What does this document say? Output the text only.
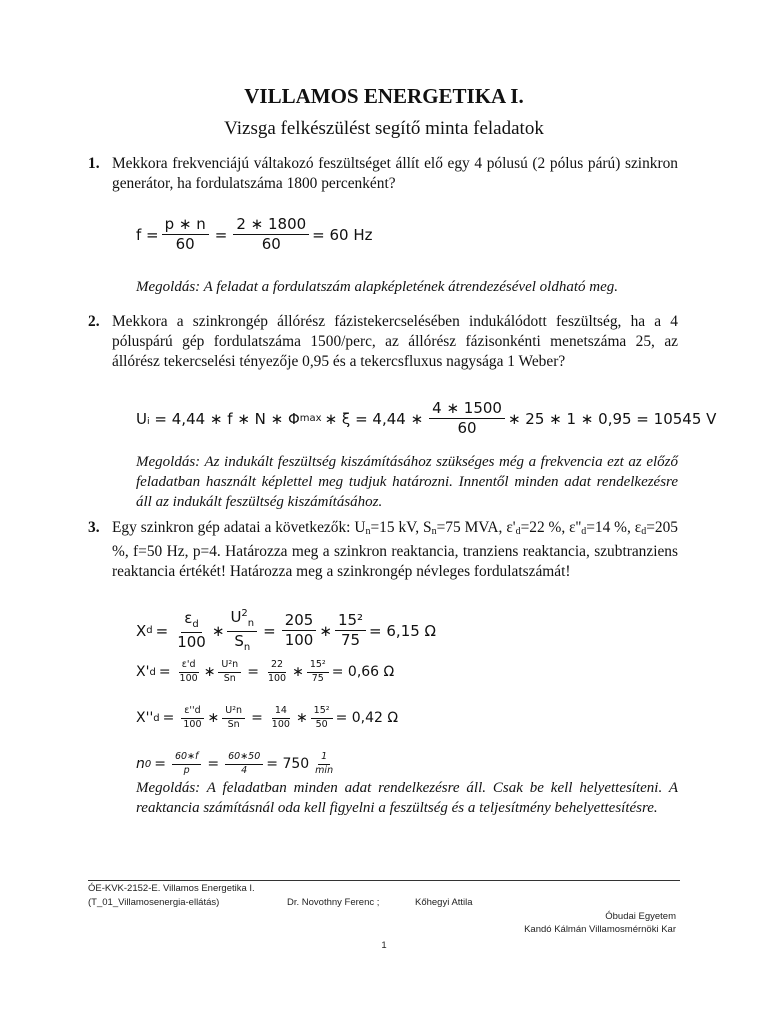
VILLAMOS ENERGETIKA I.
Vizsga felkészülést segítő minta feladatok
1. Mekkora frekvenciájú váltakozó feszültséget állít elő egy 4 pólusú (2 pólus párú) szinkron generátor, ha fordulatszáma 1800 percenként?
$f = \frac{p ∗ n}{60} = \frac{2 ∗ 1800}{60} = 60$ Hz
Megoldás: A feladat a fordulatszám alapképletének átrendezésével oldható meg.
2. Mekkora a szinkrongép állórész fázistekercselésében indukálódott feszültség, ha a 4 póluspárú gép fordulatszáma 1500/perc, az állórész fázisonkénti menetszáma 25, az állórész tekercselési tényezője 0,95 és a tekercsfluxus nagysága 1 Weber?
Uᵢ = 4,44 ∗ f ∗ N ∗ Φ max ∗ ξ = 4,44 ∗ $\frac{4 ∗ 1500}{60}$ ∗ 25 ∗ 1 ∗ 0,95 = 10545 V
Megoldás: Az indukált feszültség kiszámításához szükséges még a frekvencia ezt az előző feladatban használt képlettel meg tudjuk határozni. Innentől minden adat rendelkezésre áll az indukált feszültség kiszámításához.
3. Egy szinkron gép adatai a következők: $U_n=15$ kV, $S_n=75$ MVA, $\varepsilon'_d=22$ %, $\varepsilon''_d=14$ %, $\varepsilon_d=205$ %, f=50 Hz, p=4. Határozza meg a szinkron reaktancia, tranziens reaktancia, szubtranziens reaktancia értékét! Határozza meg a szinkrongép névleges fordulatszámát!
X $d = \frac{\varepsilon_d}{100}$ ∗ $\frac{U^2_n}{S_n} = \frac{205}{100}$ ∗ $\frac{\text{15²}}{75} = 6,15$ Ω
X' $d = \frac{\varepsilon'd}{100}$ ∗ $\frac{\text{U²n}}{Sn} = \frac{22}{100}$ ∗ $\frac{\text{15²}}{75} = 0,66$ Ω
X'' $d = \frac{\varepsilon''d}{100}$ ∗ $\frac{\text{U²n}}{Sn} = \frac{14}{100}$ ∗ $\frac{\text{15²}}{50} = 0,42$ Ω
n $0 = \frac{60∗f}{p} = \frac{60∗50}{4} = 750 \frac{1}{\min}$
Megoldás: A feladatban minden adat rendelkezésre áll. Csak be kell helyettesíteni. A reaktancia számításnál oda kell figyelni a feszültség és a teljesítmény behelyettesítésre.
ÓE-KVK-2152-E. Villamos Energetika I.
(T_01_Villamosenergia-ellátás)	Dr. Novothny Ferenc ;	Kőhegyi Attila
Óbudai Egyetem
Kandó Kálmán Villamosmérnöki Kar
1
